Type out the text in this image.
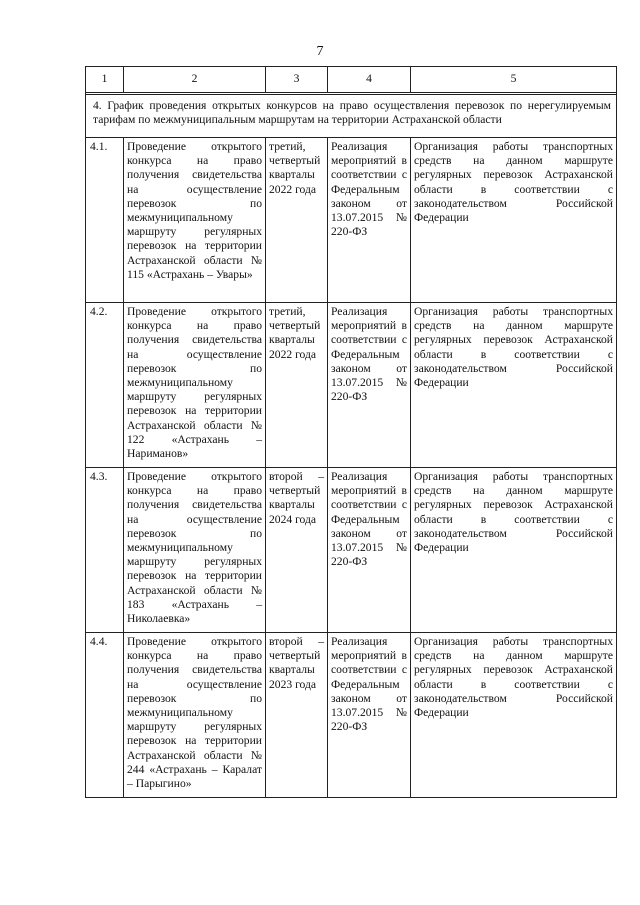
7
1	2	3	4	5

4. График проведения открытых конкурсов на право осуществления перевозок по нерегулируемым тарифам по межмуниципальным маршрутам на территории Астраханской области				
4.1.	Проведение открытого конкурса на право получения свидетельства на осуществление перевозок по межмуниципальному маршруту регулярных перевозок на территории Астраханской области № 115 «Астрахань – Увары»	третий, четвертый кварталы 2022 года	Реализация мероприятий в соответствии с Федеральным законом от 13.07.2015 № 220-ФЗ	Организация работы транспортных средств на данном маршруте регулярных перевозок Астраханской области в соответствии с законодательством Российской Федерации
4.2.	Проведение открытого конкурса на право получения свидетельства на осуществление перевозок по межмуниципальному маршруту регулярных перевозок на территории Астраханской области № 122 «Астрахань – Нариманов»	третий, четвертый кварталы 2022 года	Реализация мероприятий в соответствии с Федеральным законом от 13.07.2015 № 220-ФЗ	Организация работы транспортных средств на данном маршруте регулярных перевозок Астраханской области в соответствии с законодательством Российской Федерации
4.3.	Проведение открытого конкурса на право получения свидетельства на осуществление перевозок по межмуниципальному маршруту регулярных перевозок на территории Астраханской области № 183 «Астрахань – Николаевка»	второй – четвертый кварталы 2024 года	Реализация мероприятий в соответствии с Федеральным законом от 13.07.2015 № 220-ФЗ	Организация работы транспортных средств на данном маршруте регулярных перевозок Астраханской области в соответствии с законодательством Российской Федерации
4.4.	Проведение открытого конкурса на право получения свидетельства на осуществление перевозок по межмуниципальному маршруту регулярных перевозок на территории Астраханской области № 244 «Астрахань – Каралат – Парыгино»	второй – четвертый кварталы 2023 года	Реализация мероприятий в соответствии с Федеральным законом от 13.07.2015 № 220-ФЗ	Организация работы транспортных средств на данном маршруте регулярных перевозок Астраханской области в соответствии с законодательством Российской Федерации
